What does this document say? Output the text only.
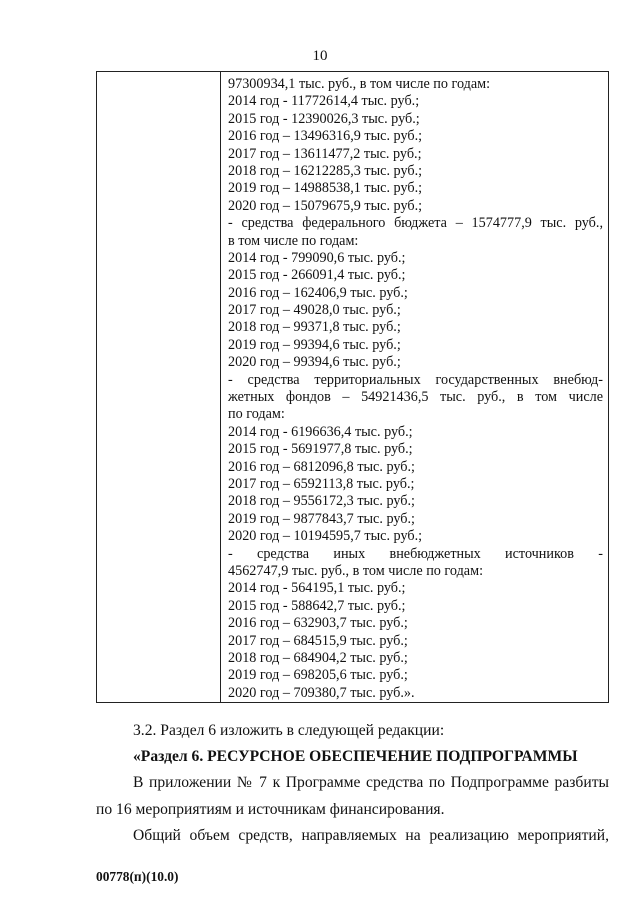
10
97300934,1 тыс. руб., в том числе по годам:
2014 год - 11772614,4 тыс. руб.;
2015 год - 12390026,3 тыс. руб.;
2016 год – 13496316,9 тыс. руб.;
2017 год – 13611477,2 тыс. руб.;
2018 год – 16212285,3 тыс. руб.;
2019 год – 14988538,1 тыс. руб.;
2020 год – 15079675,9 тыс. руб.;
- средства федерального бюджета – 1574777,9 тыс. руб.,
в том числе по годам:
2014 год - 799090,6 тыс. руб.;
2015 год - 266091,4 тыс. руб.;
2016 год – 162406,9 тыс. руб.;
2017 год – 49028,0 тыс. руб.;
2018 год – 99371,8 тыс. руб.;
2019 год – 99394,6 тыс. руб.;
2020 год – 99394,6 тыс. руб.;
- средства территориальных государственных внебюд-
жетных фондов – 54921436,5 тыс. руб., в том числе
по годам:
2014 год - 6196636,4 тыс. руб.;
2015 год - 5691977,8 тыс. руб.;
2016 год – 6812096,8 тыс. руб.;
2017 год – 6592113,8 тыс. руб.;
2018 год – 9556172,3 тыс. руб.;
2019 год – 9877843,7 тыс. руб.;
2020 год – 10194595,7 тыс. руб.;
- средства иных внебюджетных источников -
4562747,9 тыс. руб., в том числе по годам:
2014 год - 564195,1 тыс. руб.;
2015 год - 588642,7 тыс. руб.;
2016 год – 632903,7 тыс. руб.;
2017 год – 684515,9 тыс. руб.;
2018 год – 684904,2 тыс. руб.;
2019 год – 698205,6 тыс. руб.;
2020 год – 709380,7 тыс. руб.».
3.2. Раздел 6 изложить в следующей редакции:
«Раздел 6. РЕСУРСНОЕ ОБЕСПЕЧЕНИЕ ПОДПРОГРАММЫ
В приложении № 7 к Программе средства по Подпрограмме разбиты
по 16 мероприятиям и источникам финансирования.
Общий объем средств, направляемых на реализацию мероприятий,
00778(п)(10.0)
